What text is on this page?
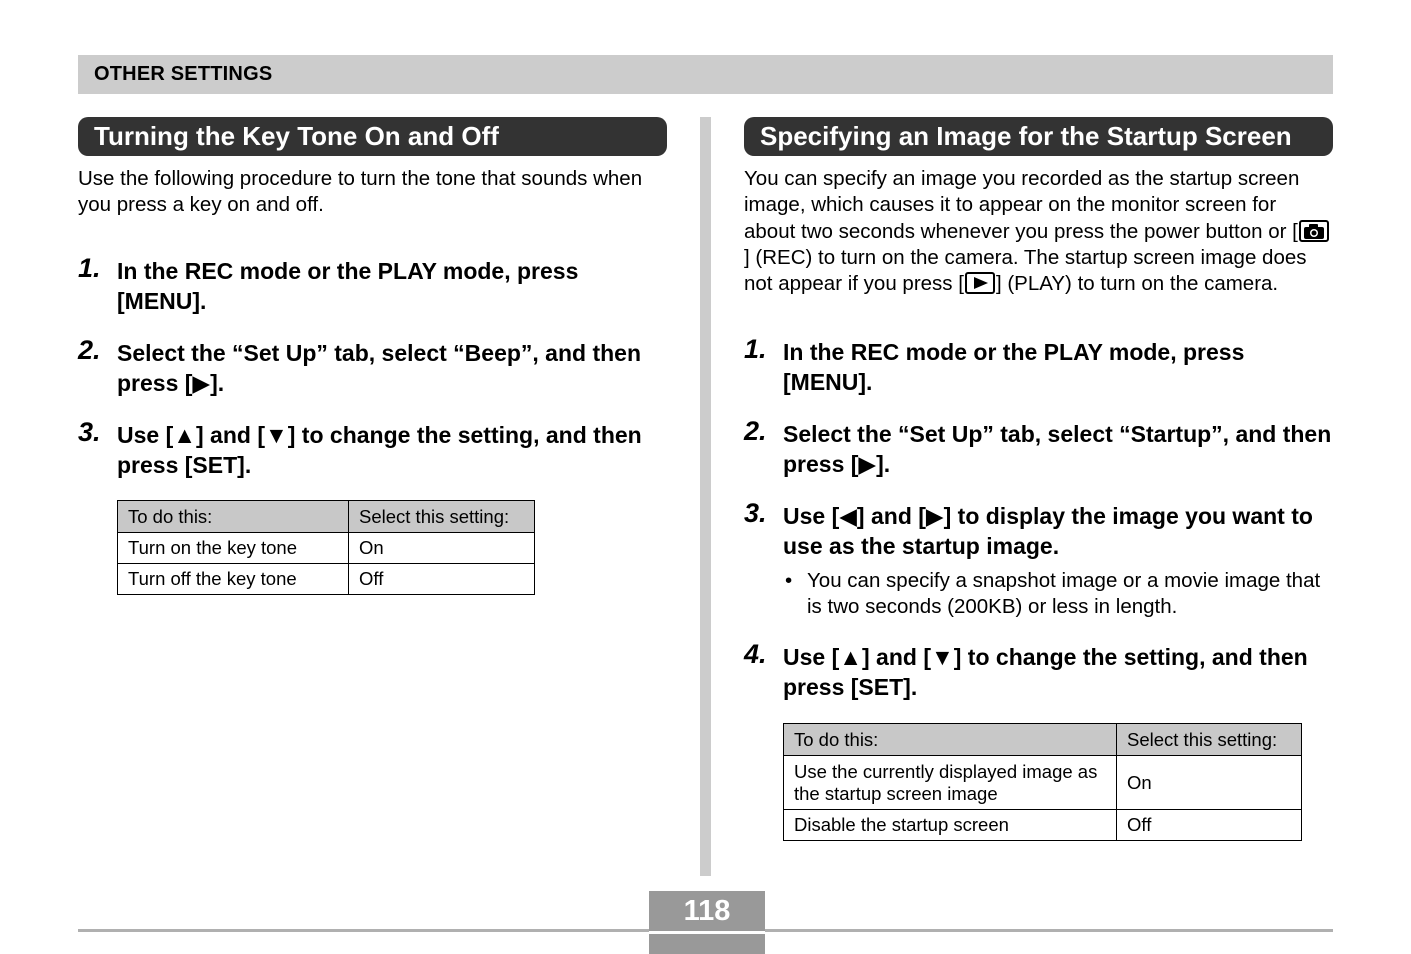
OTHER SETTINGS
Turning the Key Tone On and Off

Use the following procedure to turn the tone that sounds when you press a key on and off.

1. In the REC mode or the PLAY mode, press [MENU].
2. Select the “Set Up” tab, select “Beep”, and then press [▶].
3. Use [▲] and [▼] to change the setting, and then press [SET].
To do this:	Select this setting:
Turn on the key tone	On
Turn off the key tone	Off
Specifying an Image for the Startup Screen

You can specify an image you recorded as the startup screen image, which causes it to appear on the monitor screen for about two seconds whenever you press the power button or [
] (REC) to turn on the camera. The startup screen image does not appear if you press [ ] (PLAY) to turn on the camera.

1. In the REC mode or the PLAY mode, press [MENU].
2. Select the “Set Up” tab, select “Startup”, and then press [▶].
3. Use [◀] and [▶] to display the image you want to use as the startup image.
• You can specify a snapshot image or a movie image that is two seconds (200KB) or less in length.
4. Use [▲] and [▼] to change the setting, and then press [SET].
To do this:	Select this setting:
Use the currently displayed image as the startup screen image	On
Disable the startup screen	Off
118
